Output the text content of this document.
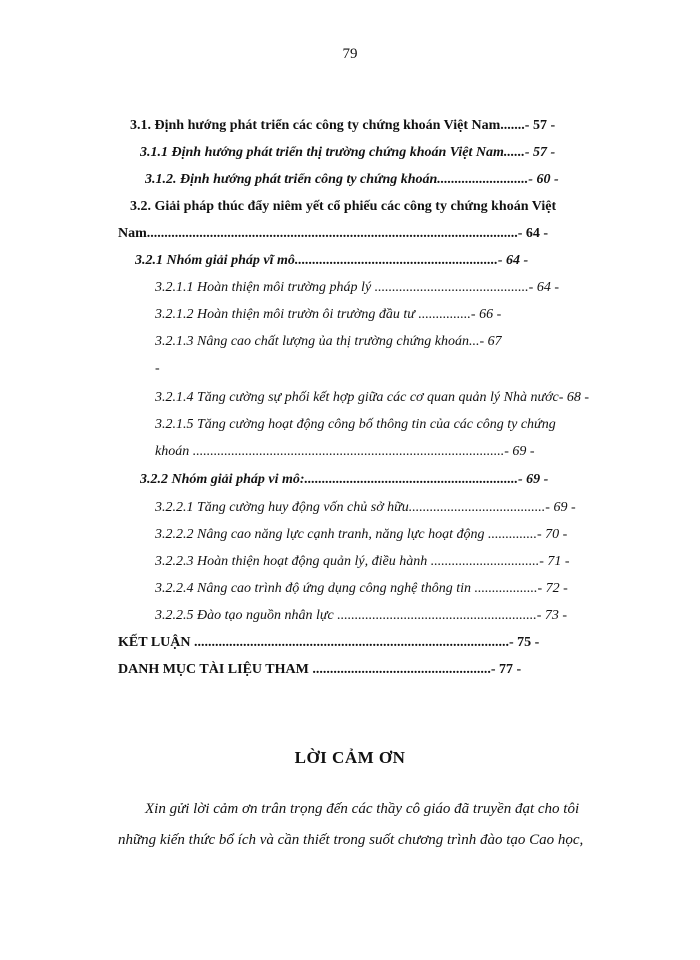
79
3.1. Định hướng phát triển các công ty chứng khoán Việt Nam.......- 57 -
3.1.1 Định hướng phát triển thị trường chứng khoán Việt Nam......- 57 -
3.1.2. Định hướng phát triển công ty chứng khoán..........................- 60 -
3.2. Giải pháp thúc đẩy niêm yết cổ phiếu các công ty chứng khoán Việt
Nam..........................................................................................................- 64 -
3.2.1 Nhóm giải pháp vĩ mô..........................................................- 64 -
3.2.1.1 Hoàn thiện môi trường pháp lý ............................................- 64 -
3.2.1.2 Hoàn thiện môi trườn ôi trường đầu tư ...............- 66 -
3.2.1.3 Nâng cao chất lượng ủa thị trường chứng khoán...- 67
-
3.2.1.4 Tăng cường sự phối kết hợp giữa các cơ quan quản lý Nhà nước- 68 -
3.2.1.5 Tăng cường hoạt động công bố thông tin của các công ty chứng
khoán .........................................................................................- 69 -
3.2.2 Nhóm giải pháp vi mô:.............................................................- 69 -
3.2.2.1 Tăng cường huy động vốn chủ sở hữu.......................................- 69 -
3.2.2.2 Nâng cao năng lực cạnh tranh, năng lực hoạt động ..............- 70 -
3.2.2.3 Hoàn thiện hoạt động quản lý, điều hành ...............................- 71 -
3.2.2.4 Nâng cao trình độ ứng dụng công nghệ thông tin ..................- 72 -
3.2.2.5 Đào tạo nguồn nhân lực .........................................................- 73 -
KẾT LUẬN ..........................................................................................- 75 -
DANH MỤC TÀI LIỆU THAM ...................................................- 77 -
LỜI CẢM ƠN
Xin gửi lời cảm ơn trân trọng đến các thầy cô giáo đã truyền đạt cho tôi
những kiến thức bổ ích và cần thiết trong suốt chương trình đào tạo Cao học,
